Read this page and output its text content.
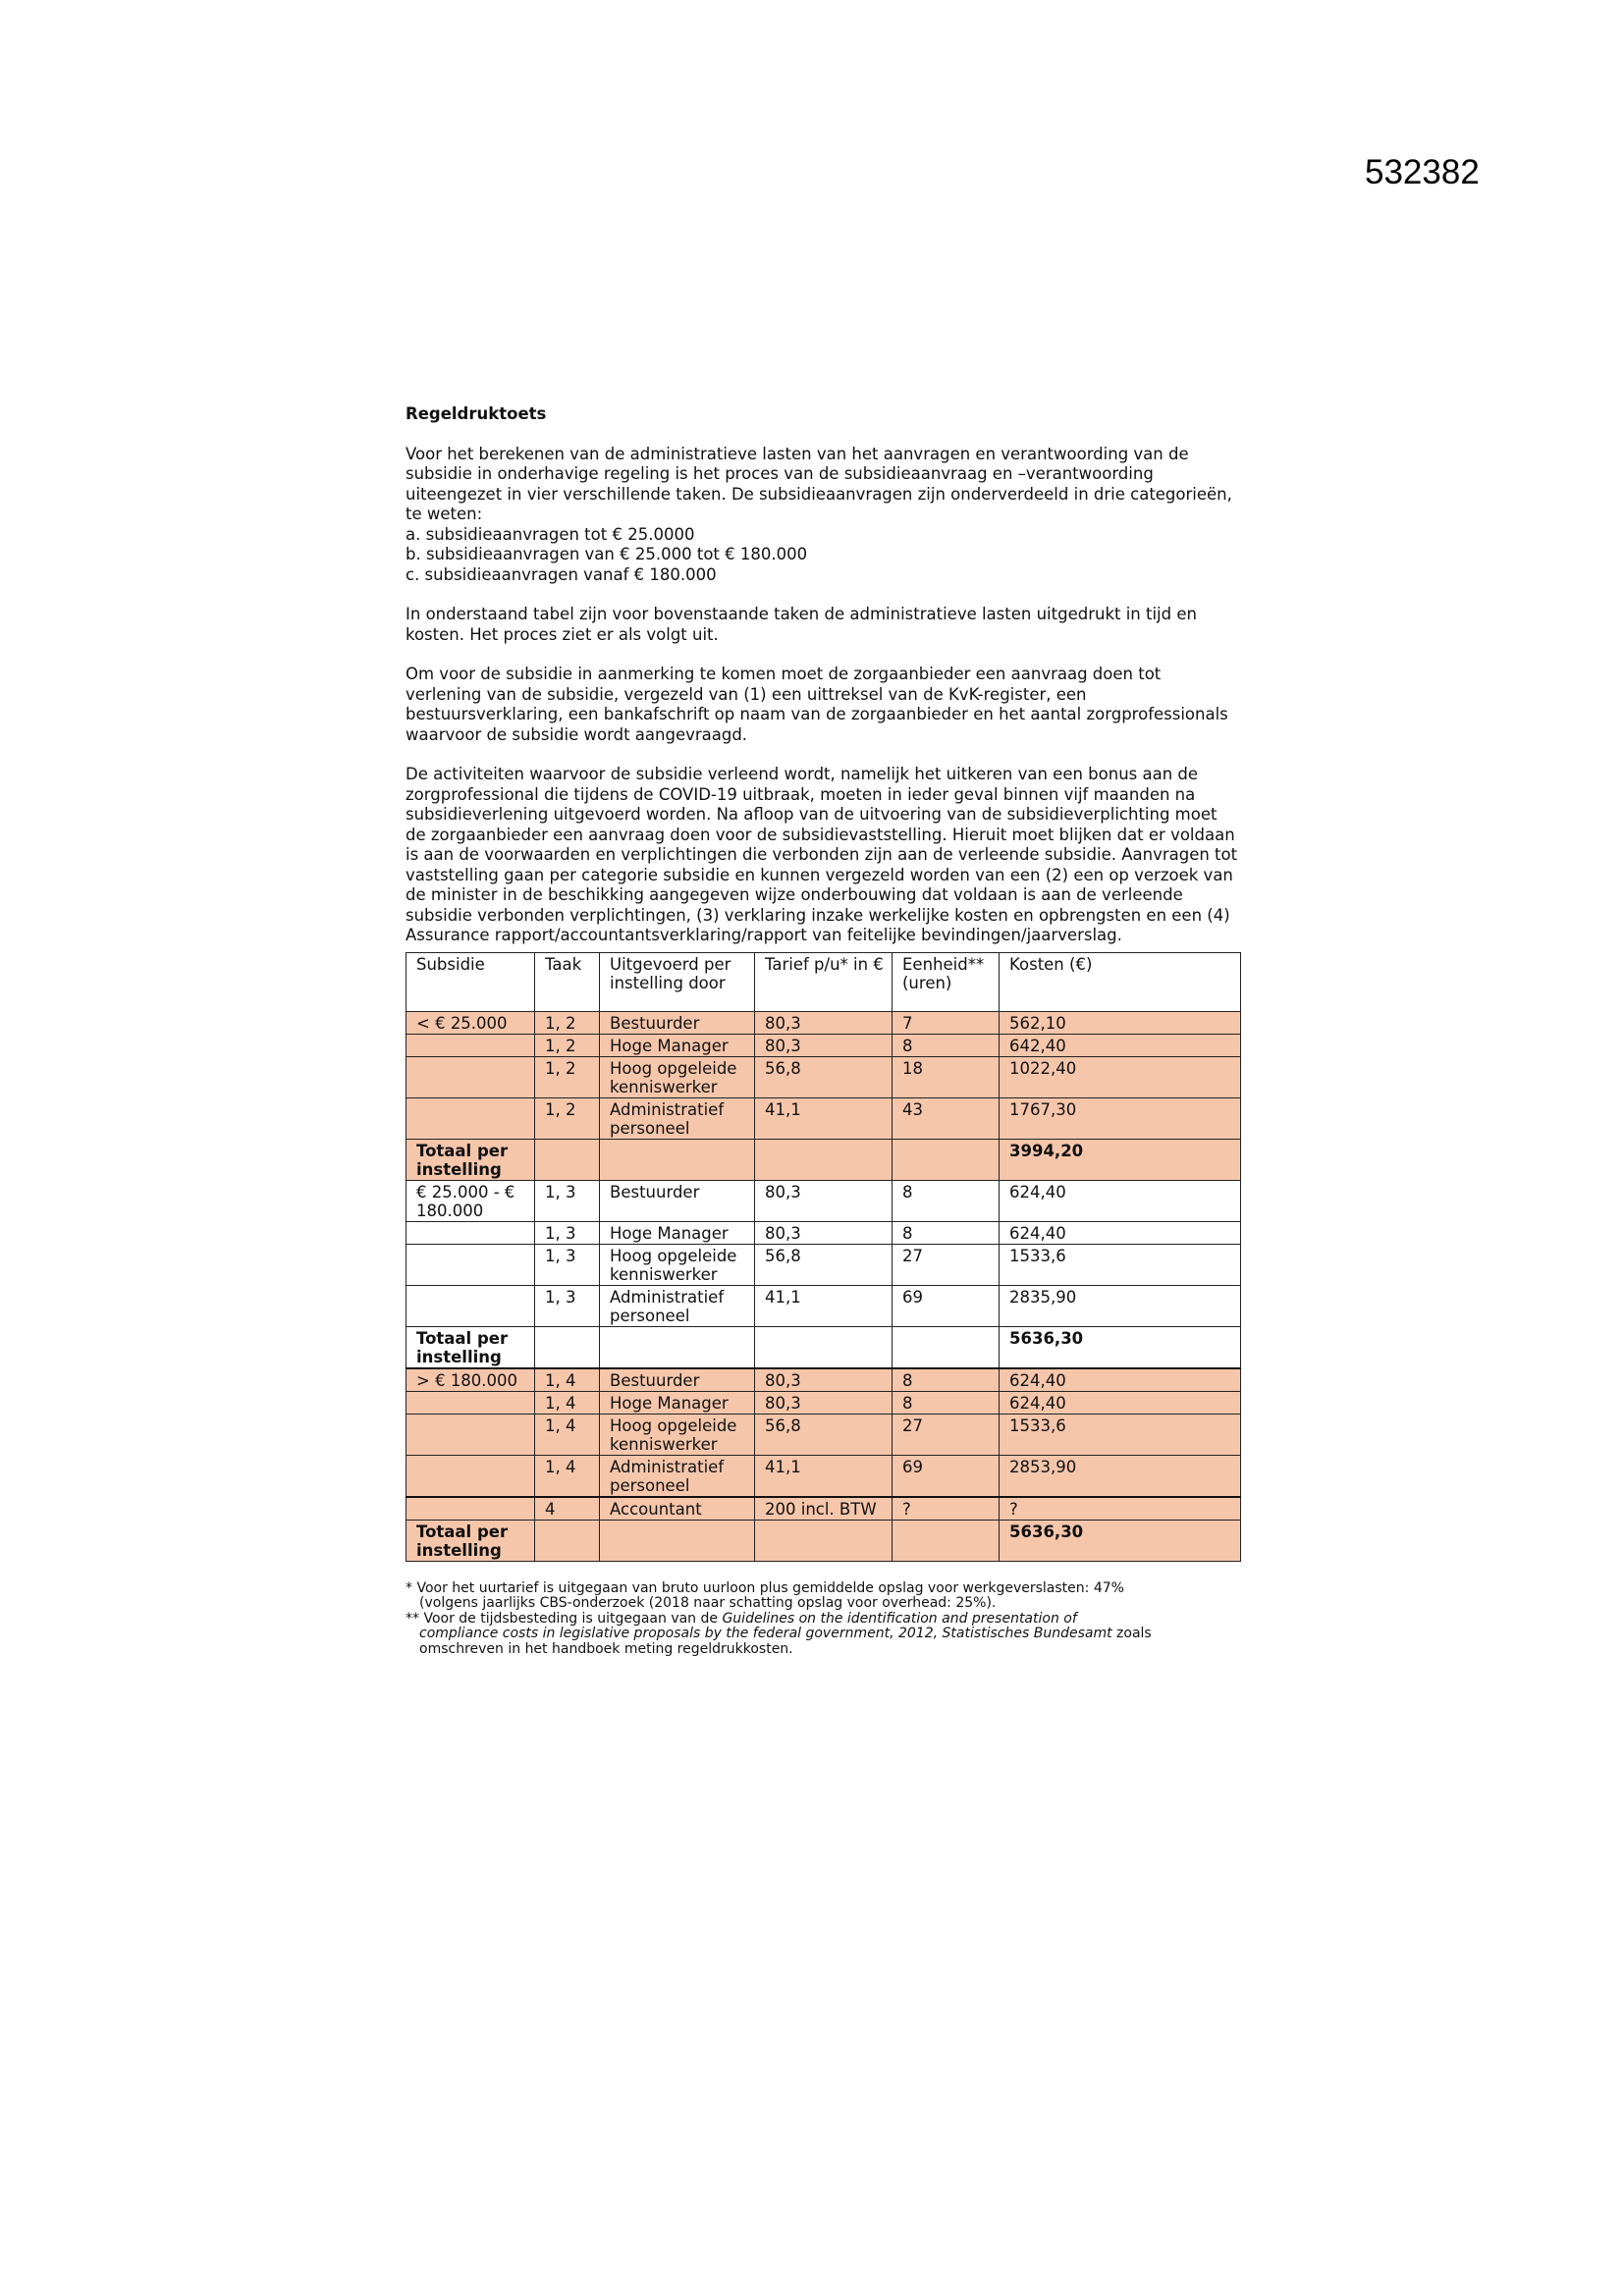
532382

Regeldruktoets

Voor het berekenen van de administratieve lasten van het aanvragen en verantwoording van de subsidie in onderhavige regeling is het proces van de subsidieaanvraag en –verantwoording uiteengezet in vier verschillende taken. De subsidieaanvragen zijn onderverdeeld in drie categorieën, te weten:
a. subsidieaanvragen tot € 25.0000
b. subsidieaanvragen van € 25.000 tot € 180.000
c. subsidieaanvragen vanaf € 180.000

In onderstaand tabel zijn voor bovenstaande taken de administratieve lasten uitgedrukt in tijd en kosten. Het proces ziet er als volgt uit.

Om voor de subsidie in aanmerking te komen moet de zorgaanbieder een aanvraag doen tot verlening van de subsidie, vergezeld van (1) een uittreksel van de KvK-register, een bestuursverklaring, een bankafschrift op naam van de zorgaanbieder en het aantal zorgprofessionals waarvoor de subsidie wordt aangevraagd.

De activiteiten waarvoor de subsidie verleend wordt, namelijk het uitkeren van een bonus aan de zorgprofessional die tijdens de COVID-19 uitbraak, moeten in ieder geval binnen vijf maanden na subsidieverlening uitgevoerd worden. Na afloop van de uitvoering van de subsidieverplichting moet de zorgaanbieder een aanvraag doen voor de subsidievaststelling. Hieruit moet blijken dat er voldaan is aan de voorwaarden en verplichtingen die verbonden zijn aan de verleende subsidie. Aanvragen tot vaststelling gaan per categorie subsidie en kunnen vergezeld worden van een (2) een op verzoek van de minister in de beschikking aangegeven wijze onderbouwing dat voldaan is aan de verleende subsidie verbonden verplichtingen, (3) verklaring inzake werkelijke kosten en opbrengsten en een (4) Assurance rapport/accountantsverklaring/rapport van feitelijke bevindingen/jaarverslag.

Subsidie	Taak	Uitgevoerd per instelling door	Tarief p/u* in €	Eenheid** (uren)	Kosten (€)
< € 25.000	1, 2	Bestuurder	80,3	7	562,10
	1, 2	Hoge Manager	80,3	8	642,40
	1, 2	Hoog opgeleide kenniswerker	56,8	18	1022,40
	1, 2	Administratief personeel	41,1	43	1767,30
Totaal per instelling					3994,20
€ 25.000 - € 180.000	1, 3	Bestuurder	80,3	8	624,40
	1, 3	Hoge Manager	80,3	8	624,40
	1, 3	Hoog opgeleide kenniswerker	56,8	27	1533,6
	1, 3	Administratief personeel	41,1	69	2835,90
Totaal per instelling					5636,30
> € 180.000	1, 4	Bestuurder	80,3	8	624,40
	1, 4	Hoge Manager	80,3	8	624,40
	1, 4	Hoog opgeleide kenniswerker	56,8	27	1533,6
	1, 4	Administratief personeel	41,1	69	2853,90
	4	Accountant	200 incl. BTW	?	?
Totaal per instelling					5636,30
* Voor het uurtarief is uitgegaan van bruto uurloon plus gemiddelde opslag voor werkgeverslasten: 47%
(volgens jaarlijks CBS-onderzoek (2018 naar schatting opslag voor overhead: 25%).
** Voor de tijdsbesteding is uitgegaan van de Guidelines on the identification and presentation of
compliance costs in legislative proposals by the federal government, 2012, Statistisches Bundesamt zoals
omschreven in het handboek meting regeldrukkosten.
